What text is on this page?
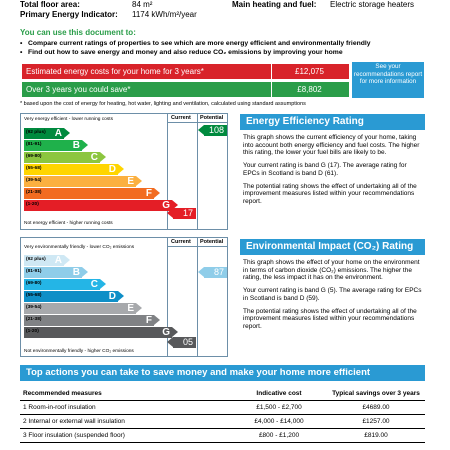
Total floor area:	84 m²
Primary Energy Indicator: 1174 kWh/m²/year
Main heating and fuel: Electric storage heaters
You can use this document to:
• Compare current ratings of properties to see which are more energy efficient and environmentally friendly
• Find out how to save energy and money and also reduce CO₂ emissions by improving your home
Estimated energy costs for your home for 3 years*	£12,075
Over 3 years you could save*	£8,802
See your recommendations report for more information
* based upon the cost of energy for heating, hot water, lighting and ventilation, calculated using standard assumptions
Current Potential
Very energy efficient - lower running costs
(92 plus) A
(81-91)	B
(69-80)	C
(55-68)	D
(39-54)	E
(21-38)	F
(1-20)	G
Not energy efficient - higher running costs
17
108
Current Potential
Very environmentally friendly - lower CO₂ emissions
(92 plus) A
(81-91)	B
(69-80)	C
(55-68)	D
(39-54)	E
(21-38)	F
(1-20)	G
Not environmentally friendly - higher CO₂ emissions
05
87
Energy Efficiency Rating

This graph shows the current efficiency of your home, taking into account both energy efficiency and fuel costs. The higher this rating, the lower your fuel bills are likely to be.

Your current rating is band G (17). The average rating for EPCs in Scotland is band D (61).

The potential rating shows the effect of undertaking all of the improvement measures listed within your recommendations report.

Environmental Impact (CO₂) Rating

This graph shows the effect of your home on the environment in terms of carbon dioxide (CO₂) emissions. The higher the rating, the less impact it has on the environment.

Your current rating is band G (5). The average rating for EPCs in Scotland is band D (59).

The potential rating shows the effect of undertaking all of the improvement measures listed within your recommendations report.

Top actions you can take to save money and make your home more efficient
Recommended measures	Indicative cost	Typical savings over 3 years
1 Room-in-roof insulation	£1,500 - £2,700	£4689.00
2 Internal or external wall insulation	£4,000 - £14,000	£1257.00
3 Floor insulation (suspended floor)	£800 - £1,200	£819.00
